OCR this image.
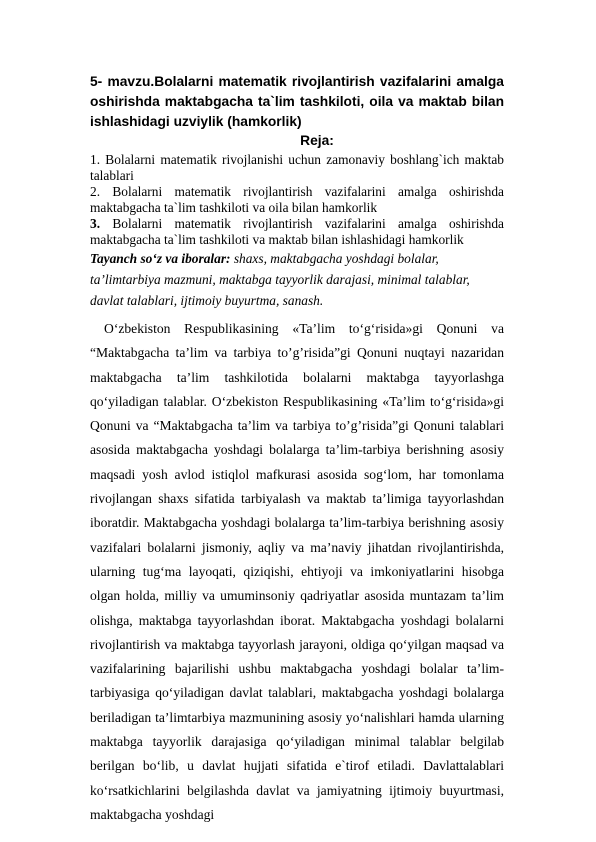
5- mavzu.Bolalarni matematik rivojlantirish vazifalarini amalga oshirishda maktabgacha ta`lim tashkiloti, oila va maktab bilan ishlashidagi uzviylik (hamkorlik)

Reja:

1. Bolalarni matematik rivojlanishi uchun zamonaviy boshlang`ich maktab talablari

2. Bolalarni matematik rivojlantirish vazifalarini amalga oshirishda maktabgacha ta`lim tashkiloti va oila bilan hamkorlik

3. Bolalarni matematik rivojlantirish vazifalarini amalga oshirishda maktabgacha ta`lim tashkiloti va maktab bilan ishlashidagi hamkorlik

Tayanch so‘z va iboralar: shaxs, maktabgacha yoshdagi bolalar, ta’limtarbiya mazmuni, maktabga tayyorlik darajasi, minimal talablar, davlat talablari, ijtimoiy buyurtma, sanash.

O‘zbekiston Respublikasining «Ta’lim to‘g‘risida»gi Qonuni va “Maktabgacha ta’lim va tarbiya to’g’risida”gi Qonuni nuqtayi nazaridan maktabgacha ta’lim tashkilotida bolalarni maktabga tayyorlashga qo‘yiladigan talablar. O‘zbekiston Respublikasining «Ta’lim to‘g‘risida»gi Qonuni va “Maktabgacha ta’lim va tarbiya to’g’risida”gi Qonuni talablari asosida maktabgacha yoshdagi bolalarga ta’lim-tarbiya berishning asosiy maqsadi yosh avlod istiqlol mafkurasi asosida sog‘lom, har tomonlama rivojlangan shaxs sifatida tarbiyalash va maktab ta’limiga tayyorlashdan iboratdir. Maktabgacha yoshdagi bolalarga ta’lim-tarbiya berishning asosiy vazifalari bolalarni jismoniy, aqliy va ma’naviy jihatdan rivojlantirishda, ularning tug‘ma layoqati, qiziqishi, ehtiyoji va imkoniyatlarini hisobga olgan holda, milliy va umuminsoniy qadriyatlar asosida muntazam ta’lim olishga, maktabga tayyorlashdan iborat. Maktabgacha yoshdagi bolalarni rivojlantirish va maktabga tayyorlash jarayoni, oldiga qo‘yilgan maqsad va vazifalarining bajarilishi ushbu maktabgacha yoshdagi bolalar ta’lim-tarbiyasiga qo‘yiladigan davlat talablari, maktabgacha yoshdagi bolalarga beriladigan ta’limtarbiya mazmunining asosiy yo‘nalishlari hamda ularning maktabga tayyorlik darajasiga qo‘yiladigan minimal talablar belgilab berilgan bo‘lib, u davlat hujjati sifatida e`tirof etiladi. Davlattalablari ko‘rsatkichlarini belgilashda davlat va jamiyatning ijtimoiy buyurtmasi, maktabgacha yoshdagi
